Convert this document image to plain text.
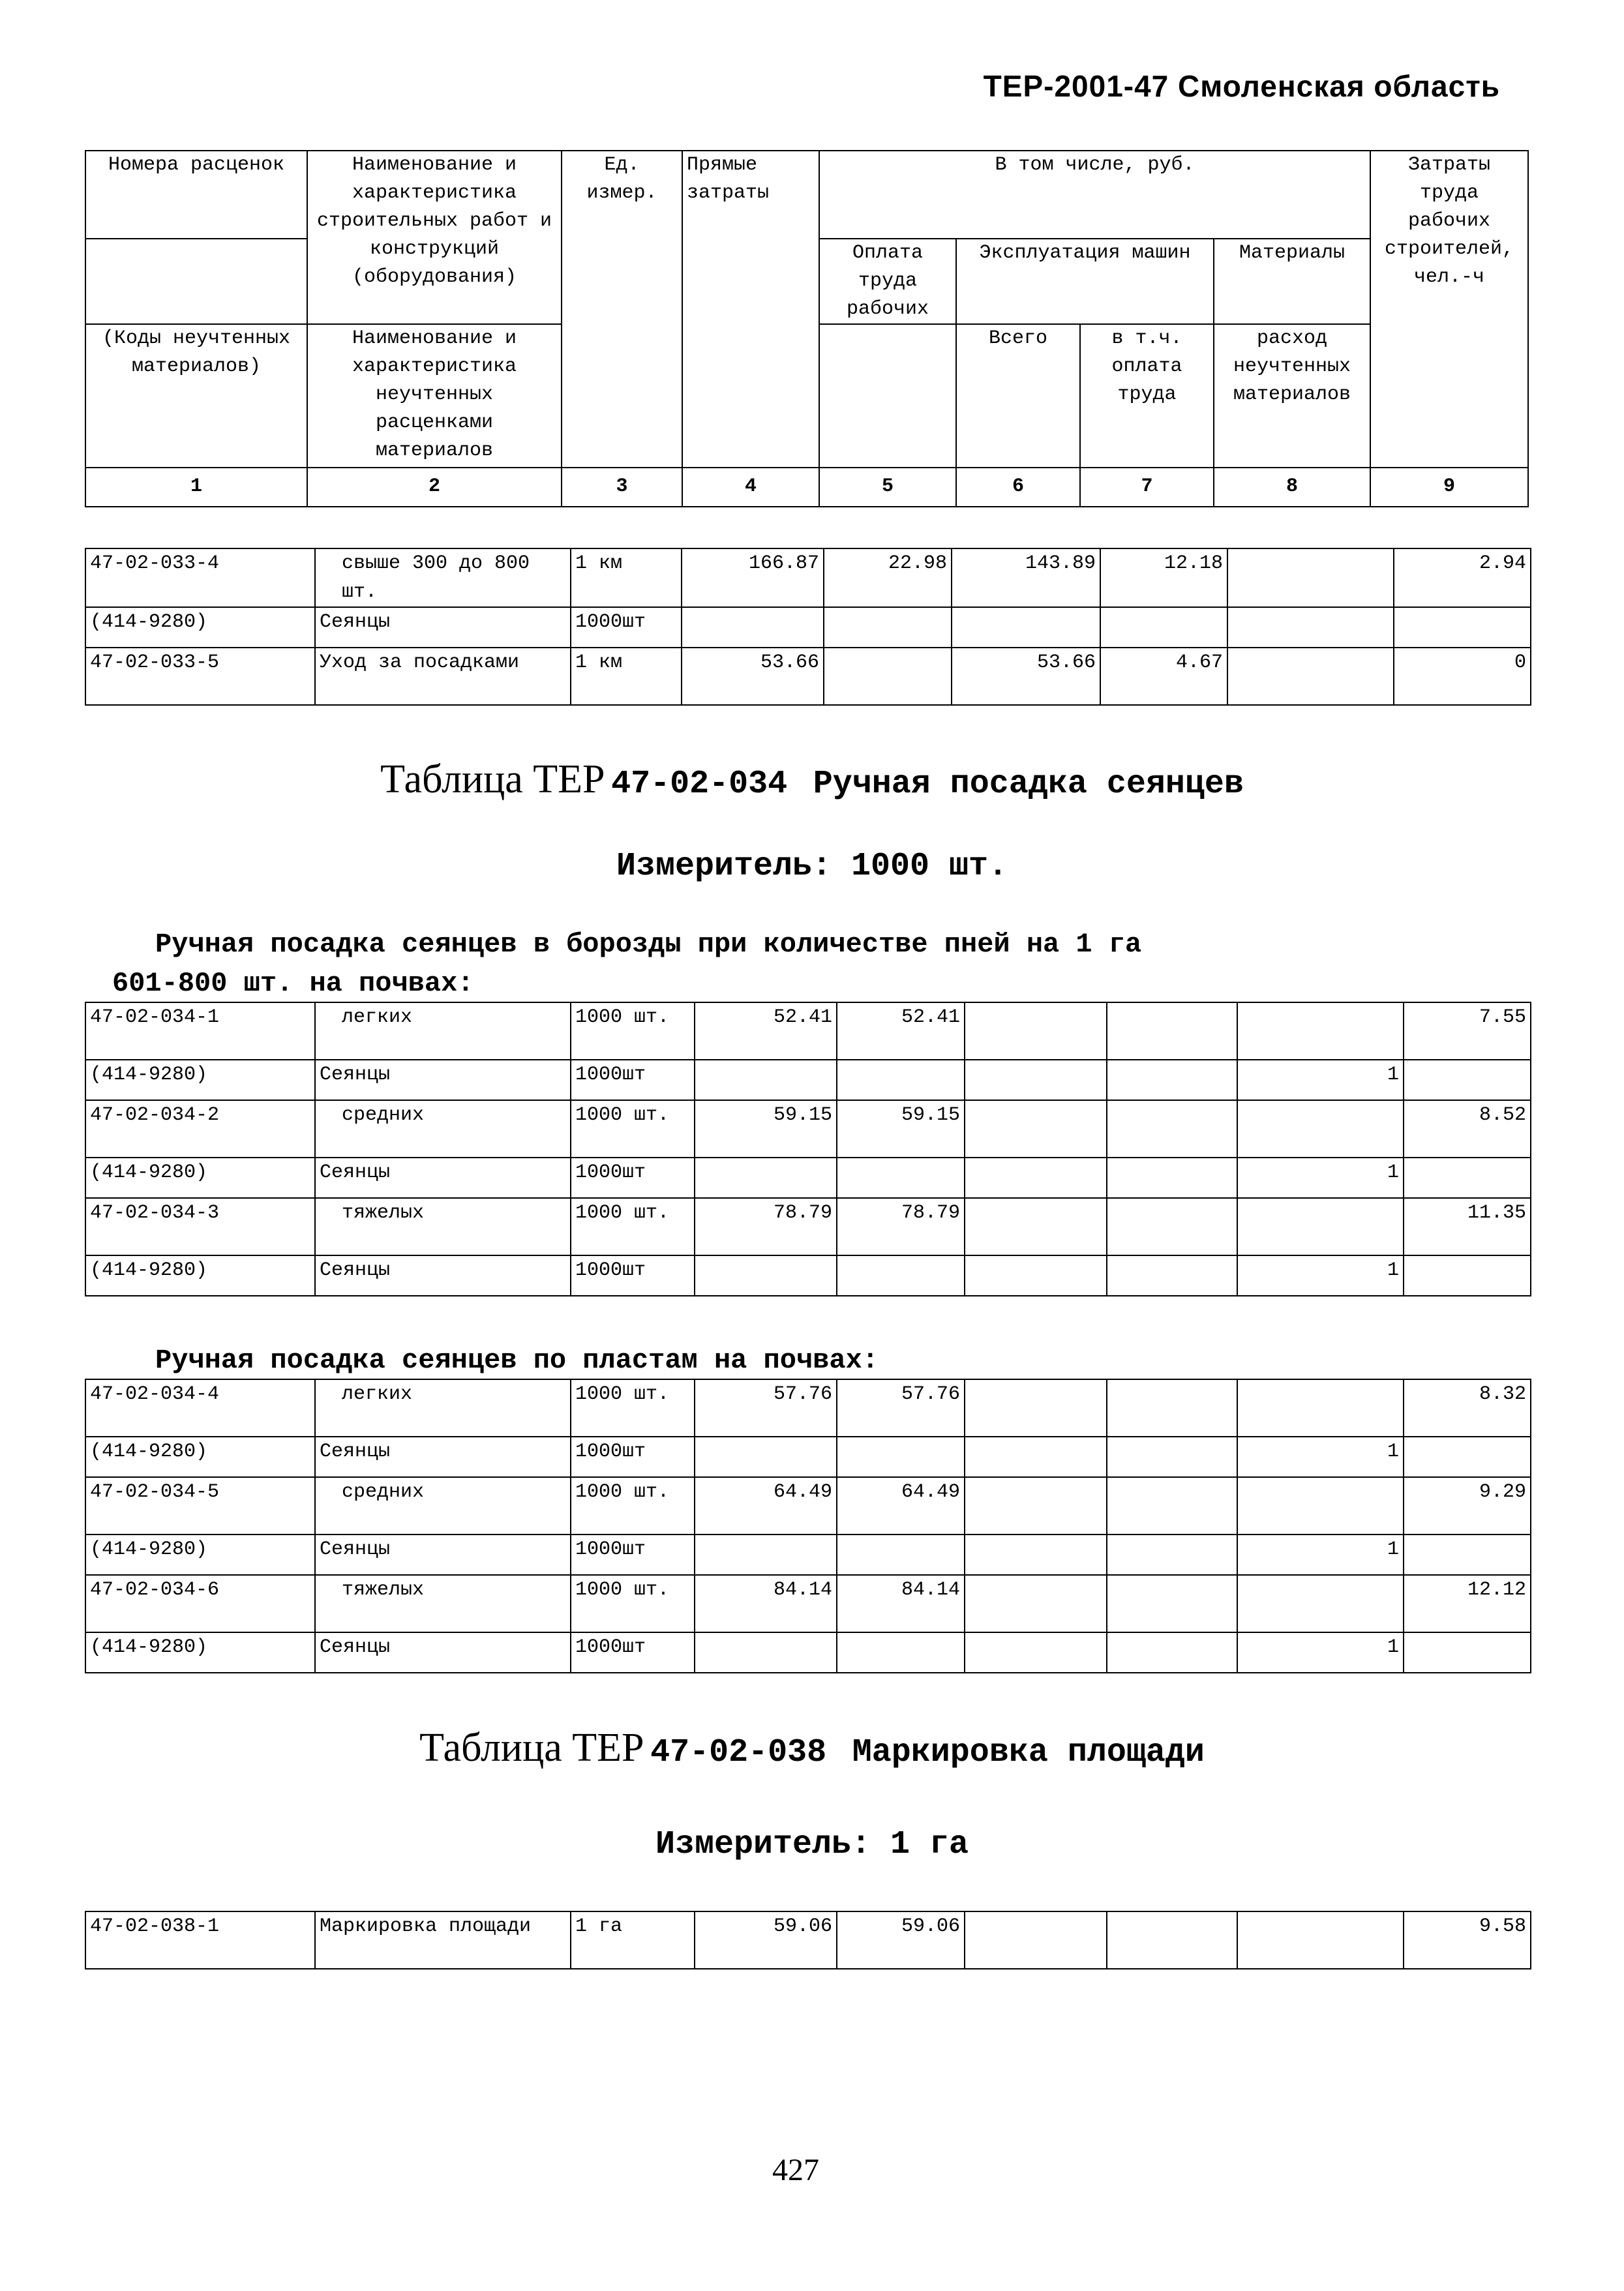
ТЕР-2001-47 Смоленская область
Номера расценок	Наименование и характеристика строительных работ и конструкций (оборудования)	Ед. измер.	Прямые затраты	В том числе, руб.				Затраты труда рабочих строителей, чел.-ч
				Оплата труда рабочих	Эксплуатация машин		Материалы	
(Коды неучтенных материалов)	Наименование и характеристика неучтенных расценками материалов				Всего	в т.ч. оплата труда	расход неучтенных материалов	
1	2	3	4	5	6	7	8	9
47-02-033-4	свыше 300 до 800 шт.	1 км	166.87	22.98	143.89	12.18		2.94
(414-9280)	Сеянцы	1000шт						
47-02-033-5	Уход за посадками	1 км	53.66		53.66	4.67		0
Таблица ТЕР 47-02-034 Ручная посадка сеянцев
Измеритель: 1000 шт.
Ручная посадка сеянцев в борозды при количестве пней на 1 га
601-800 шт. на почвах:
47-02-034-1	легких	1000 шт.	52.41	52.41				7.55
(414-9280)	Сеянцы	1000шт					1	
47-02-034-2	средних	1000 шт.	59.15	59.15				8.52
(414-9280)	Сеянцы	1000шт					1	
47-02-034-3	тяжелых	1000 шт.	78.79	78.79				11.35
(414-9280)	Сеянцы	1000шт					1	
Ручная посадка сеянцев по пластам на почвах:
47-02-034-4	легких	1000 шт.	57.76	57.76				8.32
(414-9280)	Сеянцы	1000шт					1	
47-02-034-5	средних	1000 шт.	64.49	64.49				9.29
(414-9280)	Сеянцы	1000шт					1	
47-02-034-6	тяжелых	1000 шт.	84.14	84.14				12.12
(414-9280)	Сеянцы	1000шт					1	
Таблица ТЕР 47-02-038 Маркировка площади
Измеритель: 1 га
47-02-038-1	Маркировка площади	1 га	59.06	59.06				9.58
427
